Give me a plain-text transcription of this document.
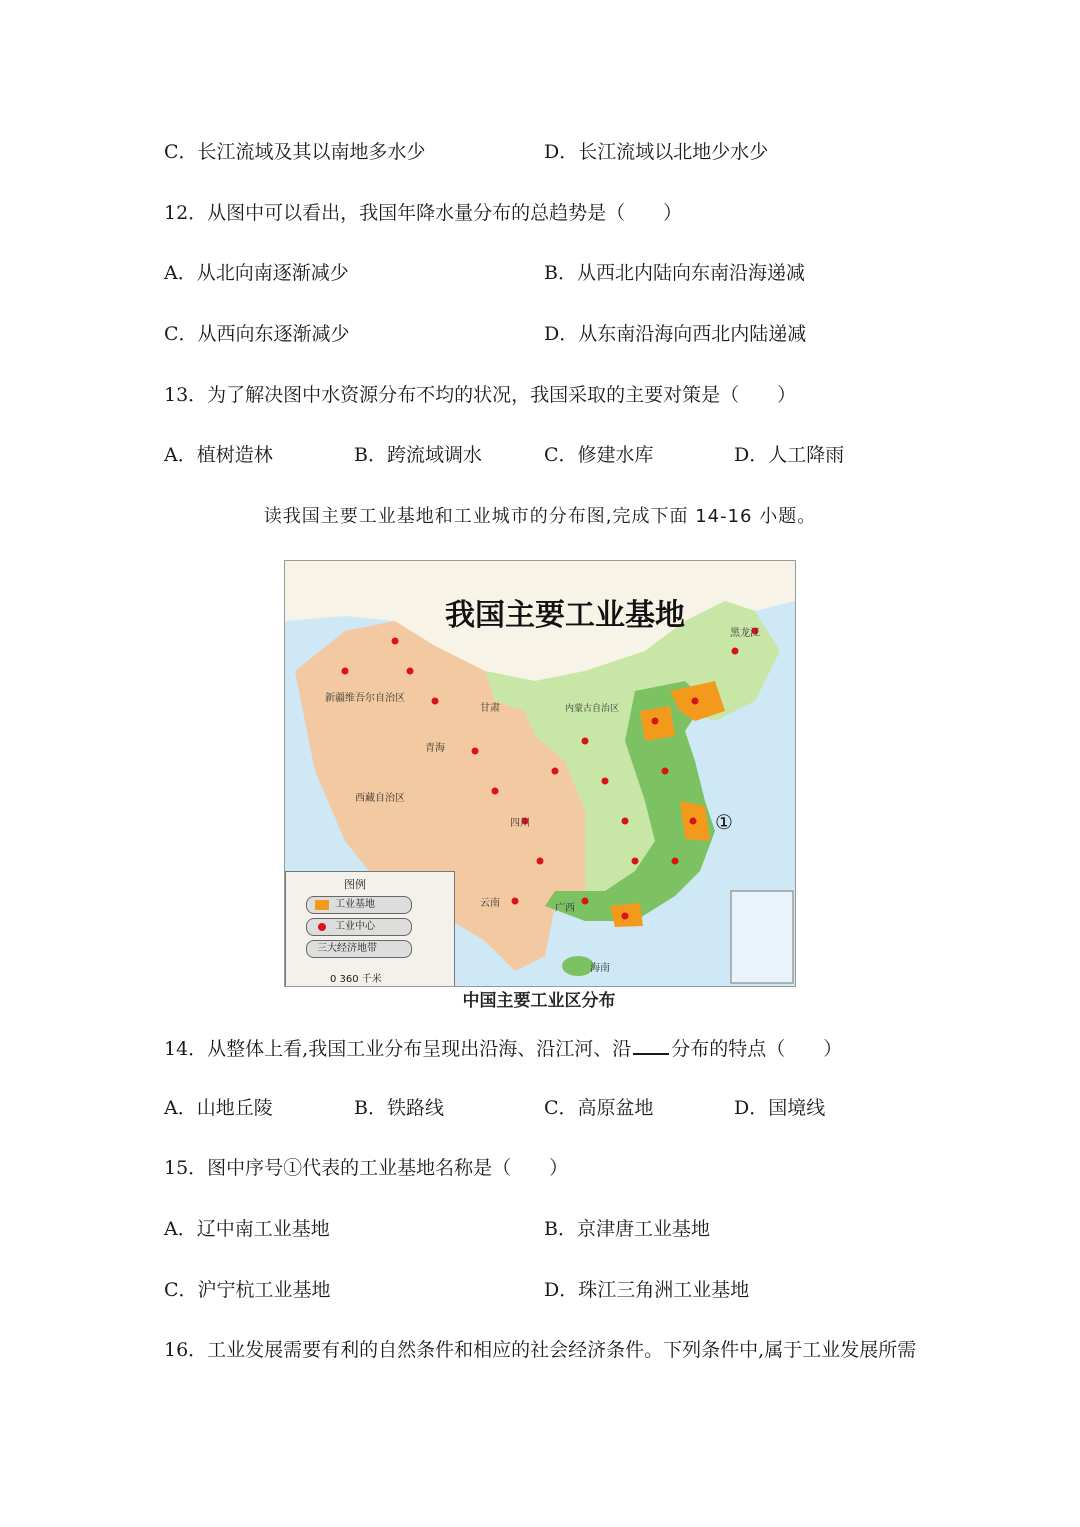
C．长江流域及其以南地多水少	D．长江流域以北地少水少
12．从图中可以看出，我国年降水量分布的总趋势是（　　）
A．从北向南逐渐减少	B．从西北内陆向东南沿海递减
C．从西向东逐渐减少	D．从东南沿海向西北内陆递减
13．为了解决图中水资源分布不均的状况，我国采取的主要对策是（　　）
A．植树造林	B．跨流域调水	C．修建水库	D．人工降雨
读我国主要工业基地和工业城市的分布图,完成下面 14-16 小题。
新疆维吾尔自治区
西藏自治区
内蒙古自治区
黑龙江
青海
甘肃
四川
云南	广西
海南
我国主要工业基地
①
图例
工业基地
工业中心
三大经济地带
0 360 千米
中国主要工业区分布
14．从整体上看,我国工业分布呈现出沿海、沿江河、沿 分布的特点（　　）
A．山地丘陵	B．铁路线	C．高原盆地	D．国境线
15．图中序号①代表的工业基地名称是（　　）
A．辽中南工业基地	B．京津唐工业基地
C．沪宁杭工业基地	D．珠江三角洲工业基地
16．工业发展需要有利的自然条件和相应的社会经济条件。下列条件中,属于工业发展所需
